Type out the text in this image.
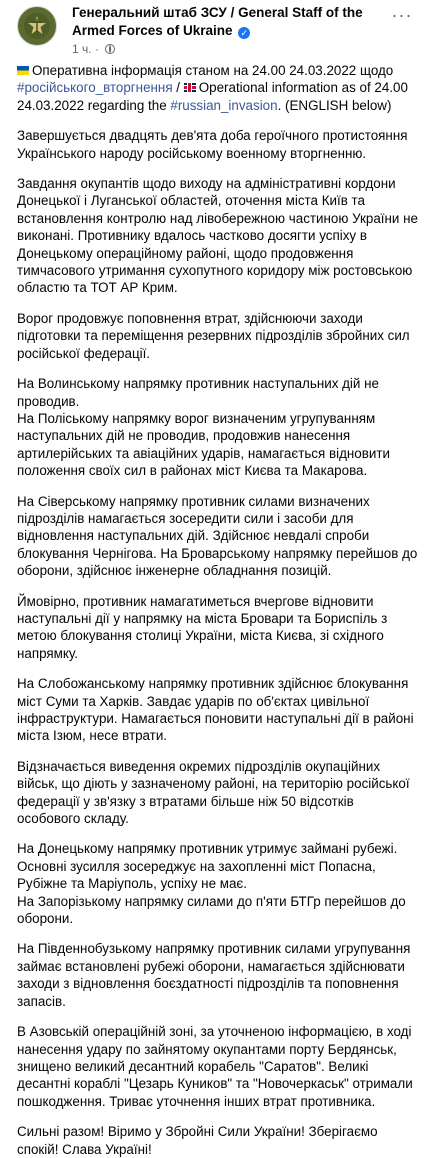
Генеральний штаб ЗСУ / General Staff of the Armed Forces of Ukraine ✓
1 ч. ·
···

Оперативна інформація станом на 24.00 24.03.2022 щодо #російського_вторгнення / Operational information as of 24.00 24.03.2022 regarding the #russian_invasion. (ENGLISH below)

Завершується двадцять дев'ята доба героїчного протистояння Українського народу російському военному вторгненню.

Завдання окупантів щодо виходу на адміністративні кордони Донецької і Луганської областей, оточення міста Київ та встановлення контролю над лівобережною частиною України не виконані. Противнику вдалось частково досягти успіху в Донецькому операційному районі, щодо продовження тимчасового утримання сухопутного коридору між ростовською областю та ТОТ АР Крим.

Ворог продовжує поповнення втрат, здійснюючи заходи підготовки та переміщення резервних підрозділів збройних сил російської федерації.

На Волинському напрямку противник наступальних дій не проводив.

На Поліському напрямку ворог визначеним угрупуванням наступальних дій не проводив, продовжив нанесення артилерійських та авіаційних ударів, намагається відновити положення своїх сил в районах міст Києва та Макарова.

На Сіверському напрямку противник силами визначених підрозділів намагається зосередити сили і засоби для відновлення наступальних дій. Здійснює невдалі спроби блокування Чернігова. На Броварському напрямку перейшов до оборони, здійснює інженерне обладнання позицій.

Ймовірно, противник намагатиметься вчергове відновити наступальні дії у напрямку на міста Бровари та Бориспіль з метою блокування столиці України, міста Києва, зі східного напрямку.

На Слобожанському напрямку противник здійснює блокування міст Суми та Харків. Завдає ударів по об'єктах цивільної інфраструктури. Намагається поновити наступальні дії в районі міста Ізюм, несе втрати.

Відзначається виведення окремих підрозділів окупаційних військ, що діють у зазначеному районі, на територію російської федерації у зв'язку з втратами більше ніж 50 відсотків особового складу.

На Донецькому напрямку противник утримує займані рубежі. Основні зусилля зосереджує на захопленні міст Попасна, Рубіжне та Маріуполь, успіху не має.

На Запорізькому напрямку силами до п'яти БТГр перейшов до оборони.

На Південнобузькому напрямку противник силами угрупування займає встановлені рубежі оборони, намагається здійснювати заходи з відновлення боєздатності підрозділів та поповнення запасів.

В Азовській операційній зоні, за уточненою інформацією, в ході нанесення удару по зайнятому окупантами порту Бердянськ, знищено великий десантний корабель "Саратов". Великі десантні кораблі "Цезарь Куников" та "Новочеркаськ" отримали пошкодження. Триває уточнення інших втрат противника.

Сильні разом! Віримо у Збройні Сили України! Зберігаємо спокій! Слава Україні!
